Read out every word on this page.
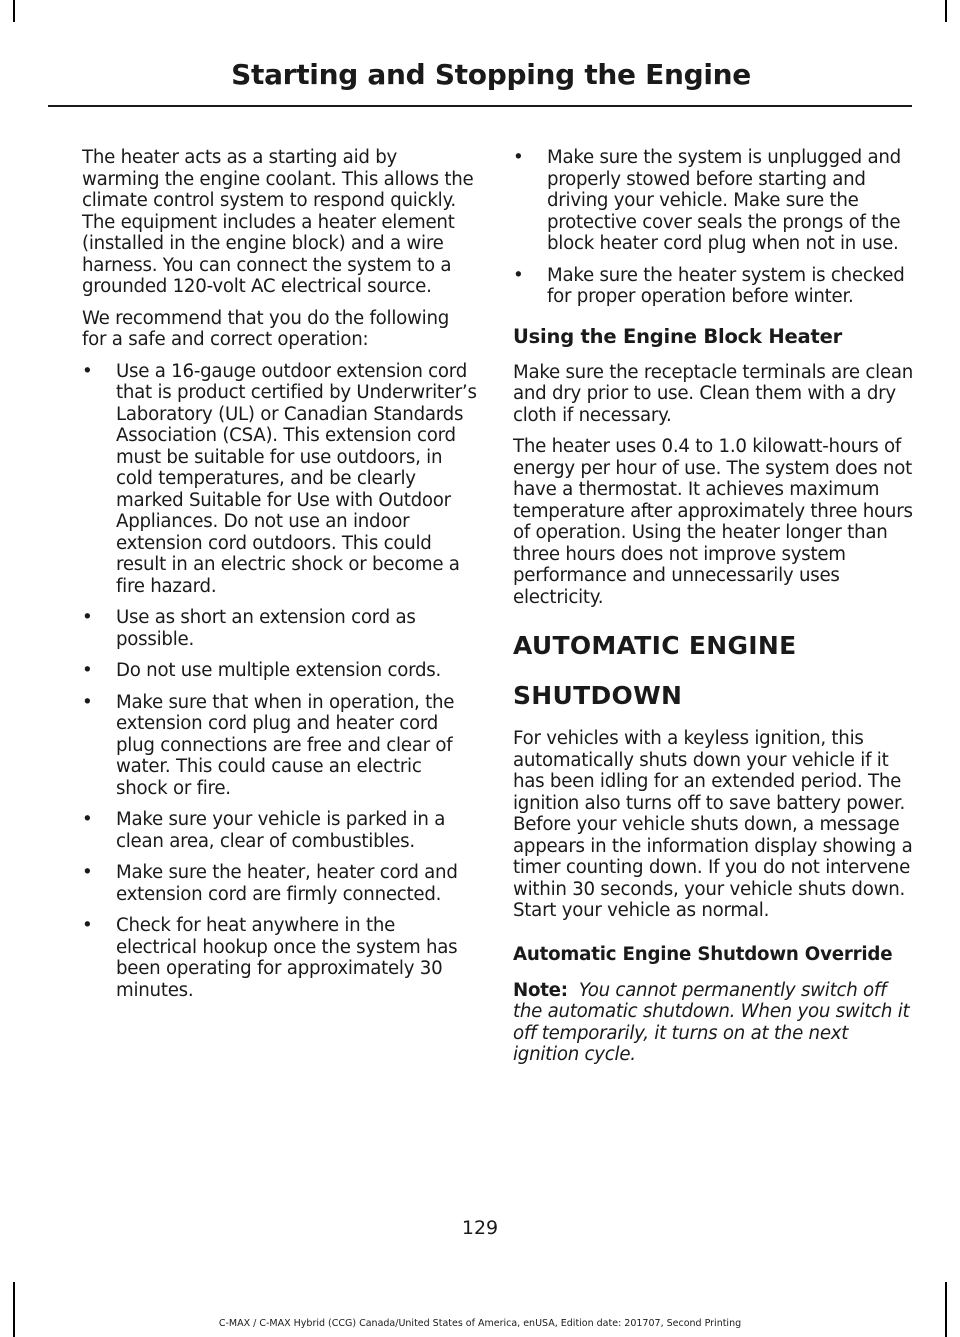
Starting and Stopping the Engine

The heater acts as a starting aid by warming the engine coolant. This allows the climate control system to respond quickly. The equipment includes a heater element (installed in the engine block) and a wire harness. You can connect the system to a grounded 120-volt AC electrical source.

We recommend that you do the following for a safe and correct operation:

• Use a 16-gauge outdoor extension cord that is product certified by Underwriter’s Laboratory (UL) or Canadian Standards Association (CSA). This extension cord must be suitable for use outdoors, in cold temperatures, and be clearly marked Suitable for Use with Outdoor Appliances. Do not use an indoor extension cord outdoors. This could result in an electric shock or become a fire hazard.
• Use as short an extension cord as possible.
• Do not use multiple extension cords.
• Make sure that when in operation, the extension cord plug and heater cord plug connections are free and clear of water. This could cause an electric shock or fire.
• Make sure your vehicle is parked in a clean area, clear of combustibles.
• Make sure the heater, heater cord and extension cord are firmly connected.
• Check for heat anywhere in the electrical hookup once the system has been operating for approximately 30 minutes.
• Make sure the system is unplugged and properly stowed before starting and driving your vehicle. Make sure the protective cover seals the prongs of the block heater cord plug when not in use.
• Make sure the heater system is checked for proper operation before winter.
Using the Engine Block Heater

Make sure the receptacle terminals are clean and dry prior to use. Clean them with a dry cloth if necessary.

The heater uses 0.4 to 1.0 kilowatt-hours of energy per hour of use. The system does not have a thermostat. It achieves maximum temperature after approximately three hours of operation. Using the heater longer than three hours does not improve system performance and unnecessarily uses electricity.

AUTOMATIC ENGINE
SHUTDOWN

For vehicles with a keyless ignition, this automatically shuts down your vehicle if it has been idling for an extended period. The ignition also turns off to save battery power. Before your vehicle shuts down, a message appears in the information display showing a timer counting down. If you do not intervene within 30 seconds, your vehicle shuts down. Start your vehicle as normal.

Automatic Engine Shutdown Override

Note: You cannot permanently switch off the automatic shutdown. When you switch it off temporarily, it turns on at the next ignition cycle.

129
C-MAX / C-MAX Hybrid (CCG) Canada/United States of America, enUSA, Edition date: 201707, Second Printing
